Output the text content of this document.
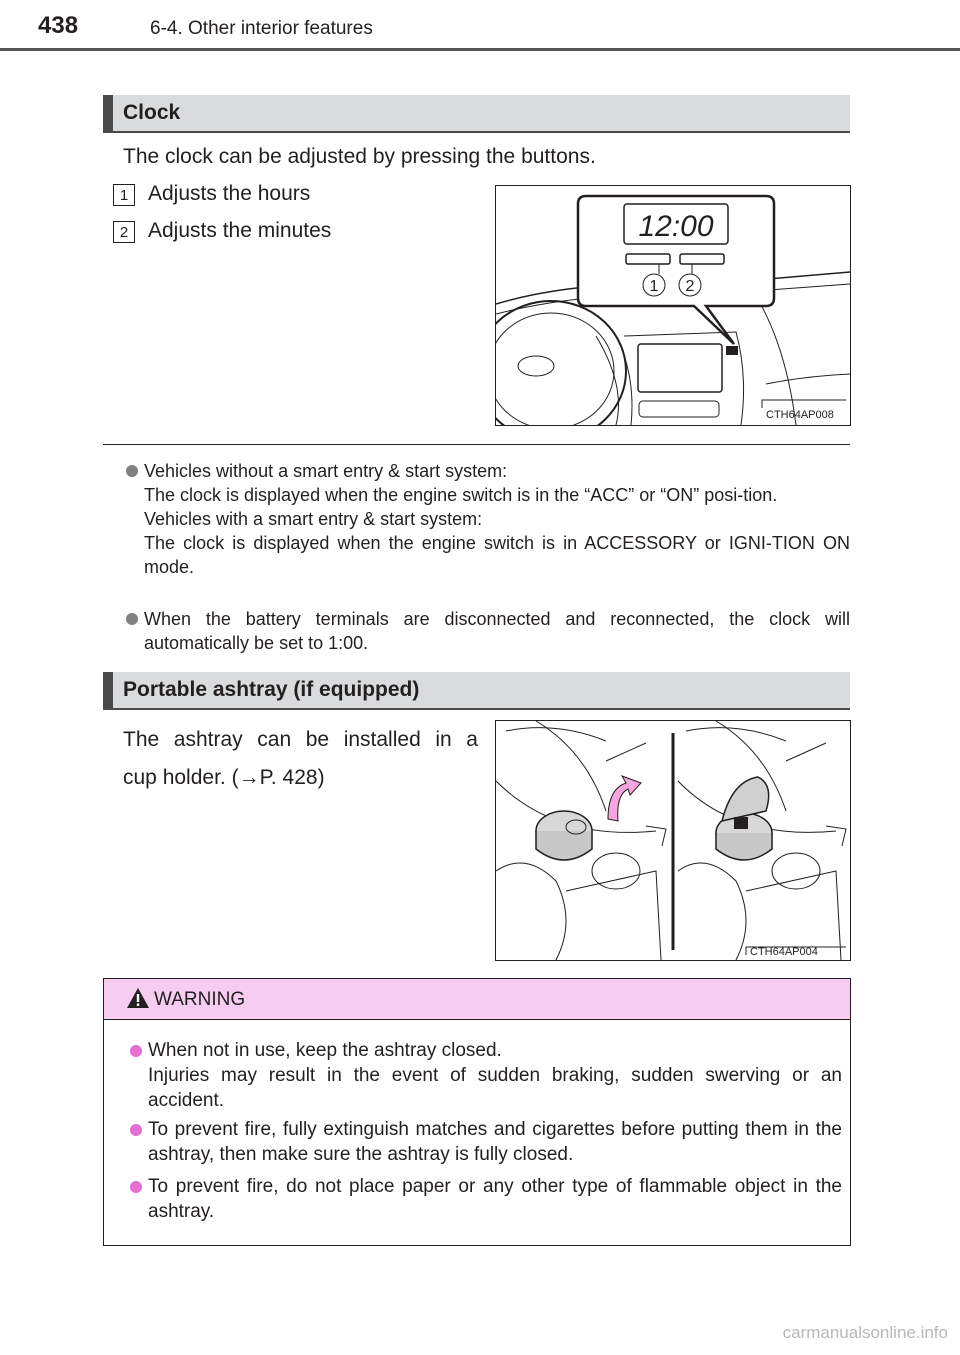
438	6-4. Other interior features
Clock
The clock can be adjusted by pressing the buttons.
1 Adjusts the hours
2 Adjusts the minutes	12:00
1 2
CTH64AP008
Vehicles without a smart entry & start system:
The clock is displayed when the engine switch is in the “ACC” or “ON” posi-tion.
Vehicles with a smart entry & start system:
The clock is displayed when the engine switch is in ACCESSORY or IGNI-TION ON mode.
When the battery terminals are disconnected and reconnected, the clock will automatically be set to 1:00.
Portable ashtray (if equipped)
The ashtray can be installed in a
cup holder. (→P. 428)
CTH64AP004
WARNING
When not in use, keep the ashtray closed.
Injuries may result in the event of sudden braking, sudden swerving or an accident.
To prevent fire, fully extinguish matches and cigarettes before putting them in the ashtray, then make sure the ashtray is fully closed.
To prevent fire, do not place paper or any other type of flammable object in the ashtray.
carmanualsonline.info
